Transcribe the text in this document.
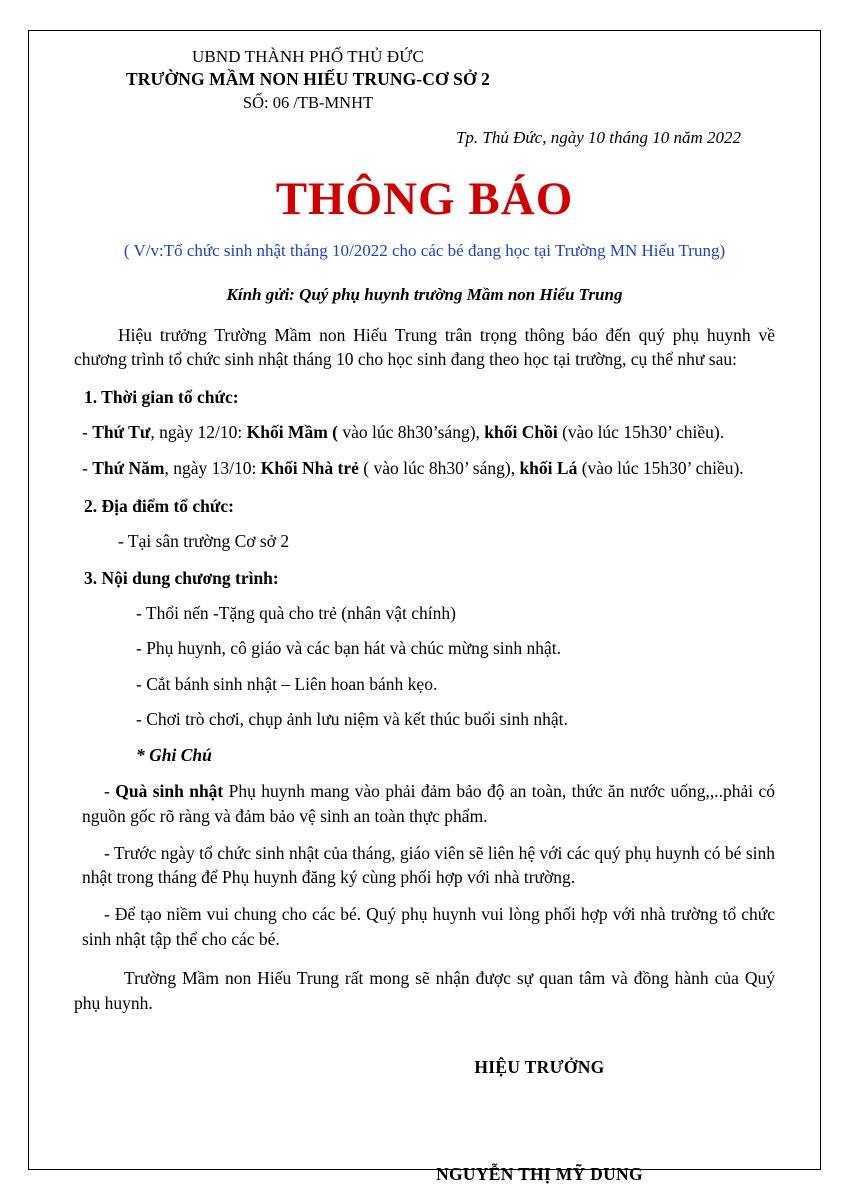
UBND THÀNH PHỐ THỦ ĐỨC
TRƯỜNG MẦM NON HIẾU TRUNG-CƠ SỞ 2
SỐ: 06 /TB-MNHT
Tp. Thủ Đức, ngày 10 tháng 10 năm 2022
THÔNG BÁO
( V/v:Tổ chức sinh nhật tháng 10/2022 cho các bé đang học tại Trường MN Hiếu Trung)
Kính gửi: Quý phụ huynh trường Mầm non Hiếu Trung
Hiệu trưởng Trường Mầm non Hiếu Trung trân trọng thông báo đến quý phụ huynh về chương trình tổ chức sinh nhật tháng 10 cho học sinh đang theo học tại trường, cụ thể như sau:
1. Thời gian tổ chức:
- Thứ Tư, ngày 12/10: Khối Mầm ( vào lúc 8h30’sáng), khối Chồi (vào lúc 15h30’ chiều).
- Thứ Năm, ngày 13/10: Khối Nhà trẻ ( vào lúc 8h30’ sáng), khối Lá (vào lúc 15h30’ chiều).
2. Địa điểm tổ chức:
- Tại sân trường Cơ sở 2
3. Nội dung chương trình:
- Thổi nến -Tặng quà cho trẻ (nhân vật chính)
- Phụ huynh, cô giáo và các bạn hát và chúc mừng sinh nhật.
- Cắt bánh sinh nhật – Liên hoan bánh kẹo.
- Chơi trò chơi, chụp ảnh lưu niệm và kết thúc buổi sinh nhật.
* Ghi Chú
- Quà sinh nhật Phụ huynh mang vào phải đảm bảo độ an toàn, thức ăn nước uống,,..phải có nguồn gốc rõ ràng và đảm bảo vệ sinh an toàn thực phẩm.
- Trước ngày tổ chức sinh nhật của tháng, giáo viên sẽ liên hệ với các quý phụ huynh có bé sinh nhật trong tháng để Phụ huynh đăng ký cùng phối hợp với nhà trường.
- Để tạo niềm vui chung cho các bé. Quý phụ huynh vui lòng phối hợp với nhà trường tổ chức sinh nhật tập thể cho các bé.
Trường Mầm non Hiếu Trung rất mong sẽ nhận được sự quan tâm và đồng hành của Quý phụ huynh.
HIỆU TRƯỞNG
NGUYỄN THỊ MỸ DUNG
